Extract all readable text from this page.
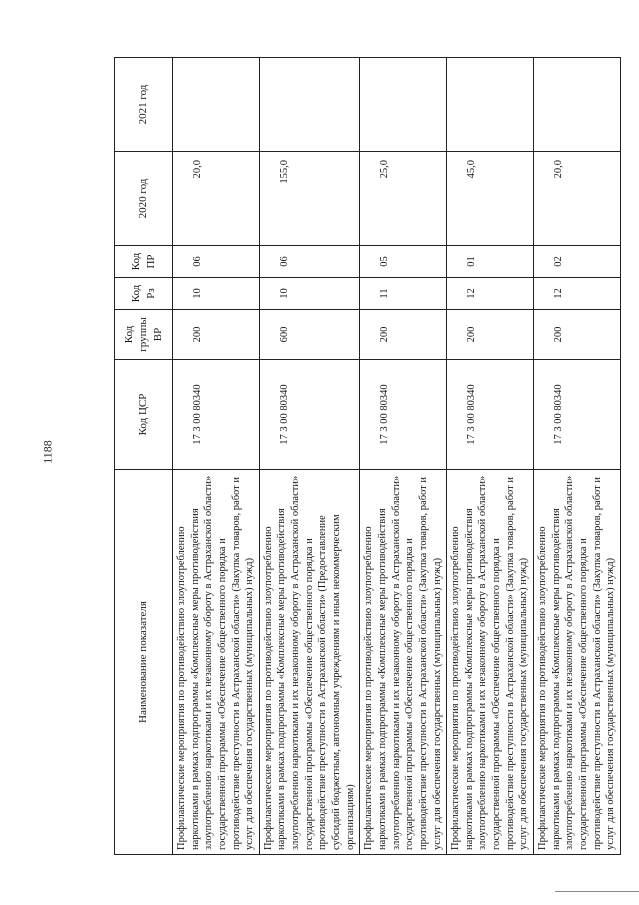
1188
Наименование показателя	Код ЦСР	Код группы ВР	Код Рз	Код ПР	2020 год	2021 год
Профилактические мероприятия по противодействию злоупотреблению наркотиками в рамках подпрограммы «Комплексные меры противодействия злоупотреблению наркотиками и их незаконному обороту в Астраханской области» государственной программы «Обеспечение общественного порядка и противодействие преступности в Астраханской области» (Закупка товаров, работ и услуг для обеспечения государственных (муниципальных) нужд)	17 3 00 80340	200	10	06	20,0	
Профилактические мероприятия по противодействию злоупотреблению наркотиками в рамках подпрограммы «Комплексные меры противодействия злоупотреблению наркотиками и их незаконному обороту в Астраханской области» государственной программы «Обеспечение общественного порядка и противодействие преступности в Астраханской области» (Предоставление субсидий бюджетным, автономным учреждениям и иным некоммерческим организациям)	17 3 00 80340	600	10	06	155,0	
Профилактические мероприятия по противодействию злоупотреблению наркотиками в рамках подпрограммы «Комплексные меры противодействия злоупотреблению наркотиками и их незаконному обороту в Астраханской области» государственной программы «Обеспечение общественного порядка и противодействие преступности в Астраханской области» (Закупка товаров, работ и услуг для обеспечения государственных (муниципальных) нужд)	17 3 00 80340	200	11	05	25,0	
Профилактические мероприятия по противодействию злоупотреблению наркотиками в рамках подпрограммы «Комплексные меры противодействия злоупотреблению наркотиками и их незаконному обороту в Астраханской области» государственной программы «Обеспечение общественного порядка и противодействие преступности в Астраханской области» (Закупка товаров, работ и услуг для обеспечения государственных (муниципальных) нужд)	17 3 00 80340	200	12	01	45,0	
Профилактические мероприятия по противодействию злоупотреблению наркотиками в рамках подпрограммы «Комплексные меры противодействия злоупотреблению наркотиками и их незаконному обороту в Астраханской области» государственной программы «Обеспечение общественного порядка и противодействие преступности в Астраханской области» (Закупка товаров, работ и услуг для обеспечения государственных (муниципальных) нужд)	17 3 00 80340	200	12	02	20,0	
